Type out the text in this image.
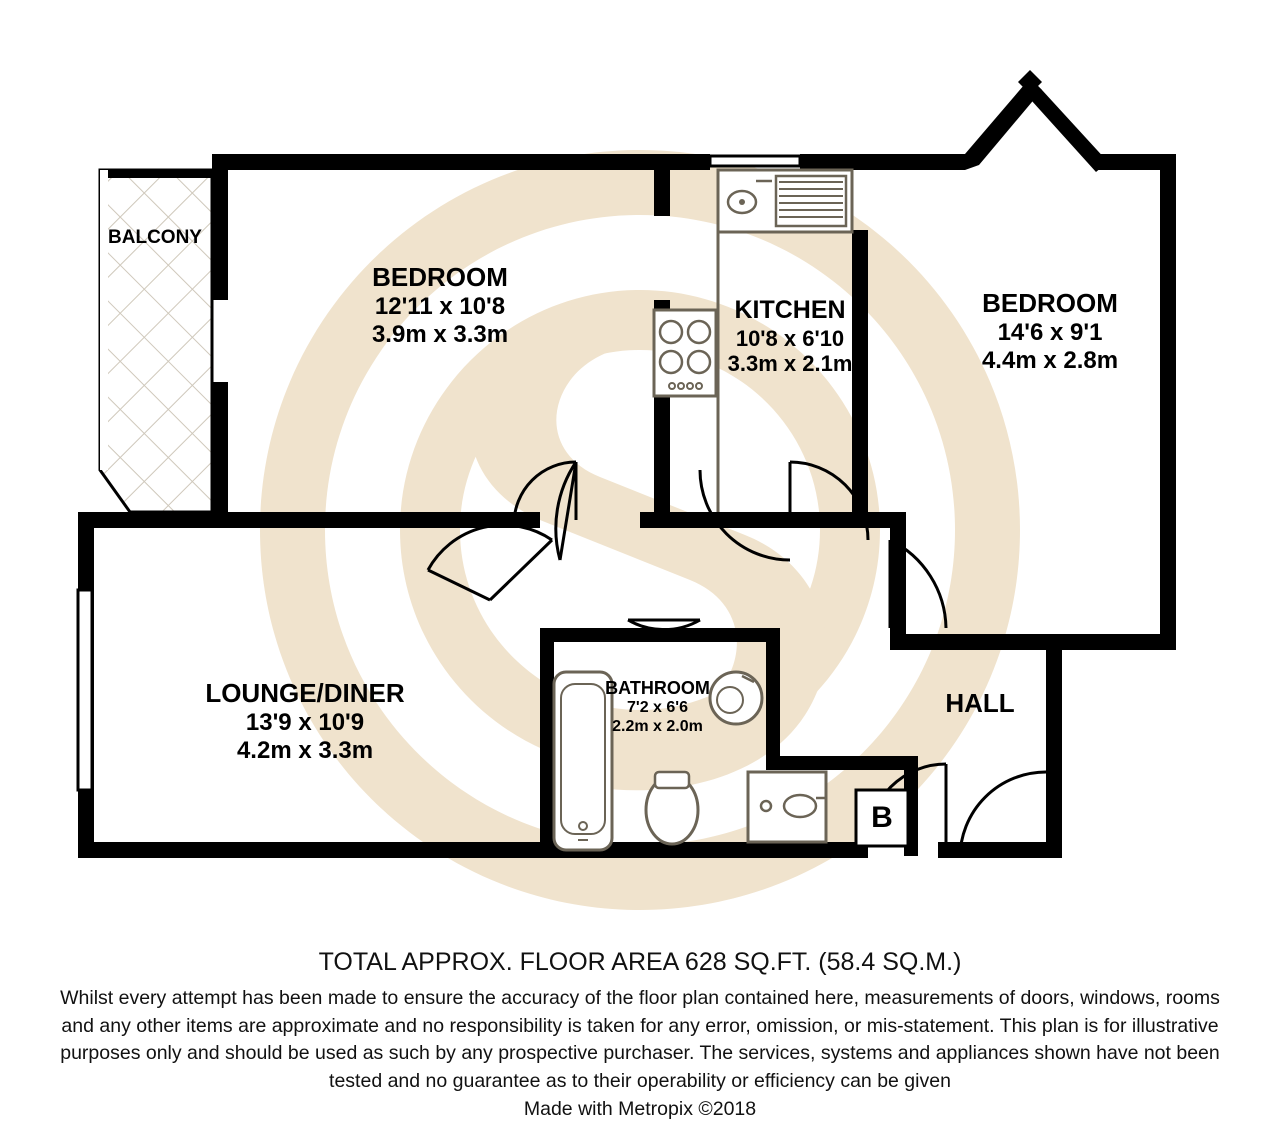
BALCONY
BEDROOM
12'11 x 10'8
3.9m x 3.3m
KITCHEN
10'8 x 6'10
3.3m x 2.1m
BEDROOM
14'6 x 9'1
4.4m x 2.8m
LOUNGE/DINER
13'9 x 10'9
4.2m x 3.3m
BATHROOM
7'2 x 6'6
2.2m x 2.0m
HALL
B
TOTAL APPROX. FLOOR AREA 628 SQ.FT. (58.4 SQ.M.)
Whilst every attempt has been made to ensure the accuracy of the floor plan contained here, measurements of doors, windows, rooms and any other items are approximate and no responsibility is taken for any error, omission, or mis-statement. This plan is for illustrative purposes only and should be used as such by any prospective purchaser. The services, systems and appliances shown have not been tested and no guarantee as to their operability or efficiency can be given
Made with Metropix ©2018
